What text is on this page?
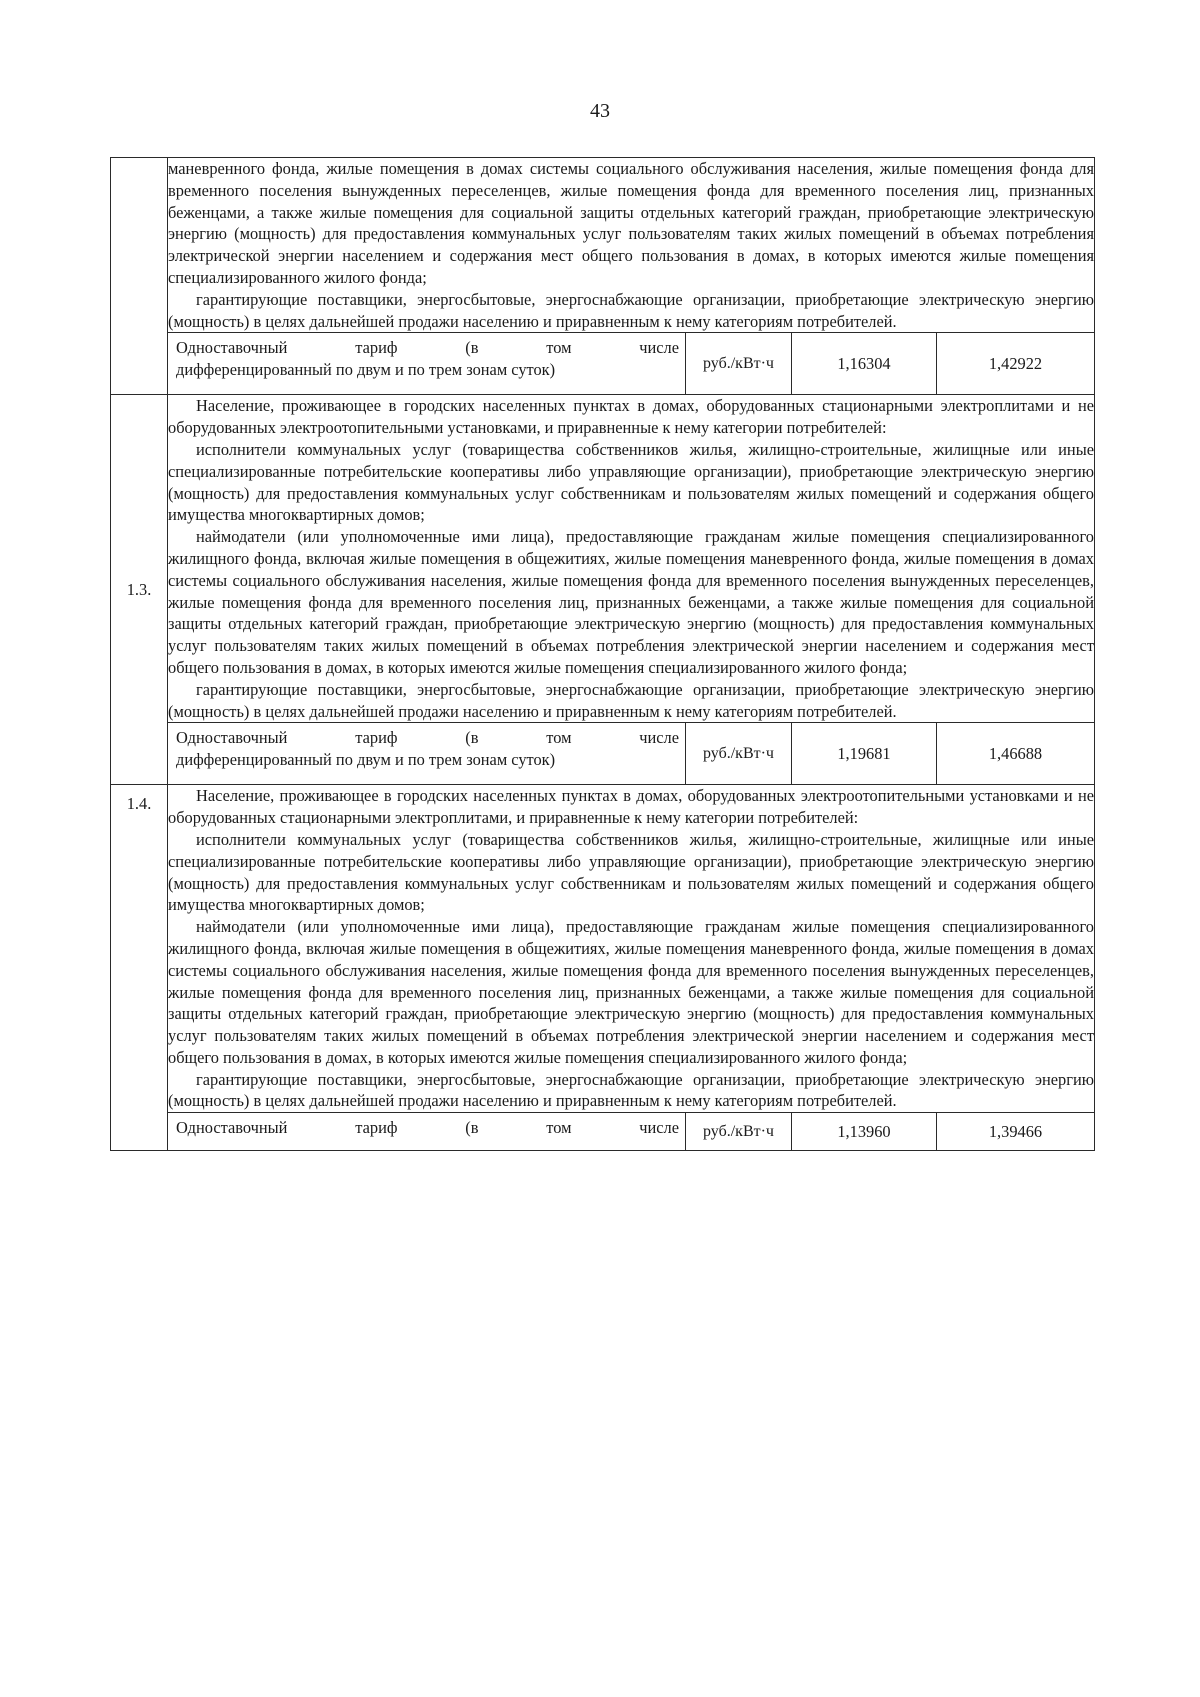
43

	маневренного фонда, жилые помещения в домах системы социального обслуживания населения, жилые помещения фонда для временного поселения вынужденных переселенцев, жилые помещения фонда для временного поселения лиц, признанных беженцами, а также жилые помещения для социальной защиты отдельных категорий граждан, приобретающие электрическую энергию (мощность) для предоставления коммунальных услуг пользователям таких жилых помещений в объемах потребления электрической энергии населением и содержания мест общего пользования в домах, в которых имеются жилые помещения специализированного жилого фонда;

гарантирующие поставщики, энергосбытовые, энергоснабжающие организации, приобретающие электрическую энергию (мощность) в целях дальнейшей продажи населению и приравненным к нему категориям потребителей.			

	Одноставочный тариф (в том числе
дифференцированный по двум и по трем зонам суток)	руб./кВт·ч	1,16304	1,42922
1.3.	Население, проживающее в городских населенных пунктах в домах, оборудованных стационарными электроплитами и не оборудованных электроотопительными установками, и приравненные к нему категории потребителей:

исполнители коммунальных услуг (товарищества собственников жилья, жилищно-строительные, жилищные или иные специализированные потребительские кооперативы либо управляющие организации), приобретающие электрическую энергию (мощность) для предоставления коммунальных услуг собственникам и пользователям жилых помещений и содержания общего имущества многоквартирных домов;

наймодатели (или уполномоченные ими лица), предоставляющие гражданам жилые помещения специализированного жилищного фонда, включая жилые помещения в общежитиях, жилые помещения маневренного фонда, жилые помещения в домах системы социального обслуживания населения, жилые помещения фонда для временного поселения вынужденных переселенцев, жилые помещения фонда для временного поселения лиц, признанных беженцами, а также жилые помещения для социальной защиты отдельных категорий граждан, приобретающие электрическую энергию (мощность) для предоставления коммунальных услуг пользователям таких жилых помещений в объемах потребления электрической энергии населением и содержания мест общего пользования в домах, в которых имеются жилые помещения специализированного жилого фонда;

гарантирующие поставщики, энергосбытовые, энергоснабжающие организации, приобретающие электрическую энергию (мощность) в целях дальнейшей продажи населению и приравненным к нему категориям потребителей.			

	Одноставочный тариф (в том числе
дифференцированный по двум и по трем зонам суток)	руб./кВт·ч	1,19681	1,46688
1.4.	Население, проживающее в городских населенных пунктах в домах, оборудованных электроотопительными установками и не оборудованных стационарными электроплитами, и приравненные к нему категории потребителей:

исполнители коммунальных услуг (товарищества собственников жилья, жилищно-строительные, жилищные или иные специализированные потребительские кооперативы либо управляющие организации), приобретающие электрическую энергию (мощность) для предоставления коммунальных услуг собственникам и пользователям жилых помещений и содержания общего имущества многоквартирных домов;

наймодатели (или уполномоченные ими лица), предоставляющие гражданам жилые помещения специализированного жилищного фонда, включая жилые помещения в общежитиях, жилые помещения маневренного фонда, жилые помещения в домах системы социального обслуживания населения, жилые помещения фонда для временного поселения вынужденных переселенцев, жилые помещения фонда для временного поселения лиц, признанных беженцами, а также жилые помещения для социальной защиты отдельных категорий граждан, приобретающие электрическую энергию (мощность) для предоставления коммунальных услуг пользователям таких жилых помещений в объемах потребления электрической энергии населением и содержания мест общего пользования в домах, в которых имеются жилые помещения специализированного жилого фонда;

гарантирующие поставщики, энергосбытовые, энергоснабжающие организации, приобретающие электрическую энергию (мощность) в целях дальнейшей продажи населению и приравненным к нему категориям потребителей.			

	Одноставочный тариф (в том числе	руб./кВт·ч	1,13960	1,39466
